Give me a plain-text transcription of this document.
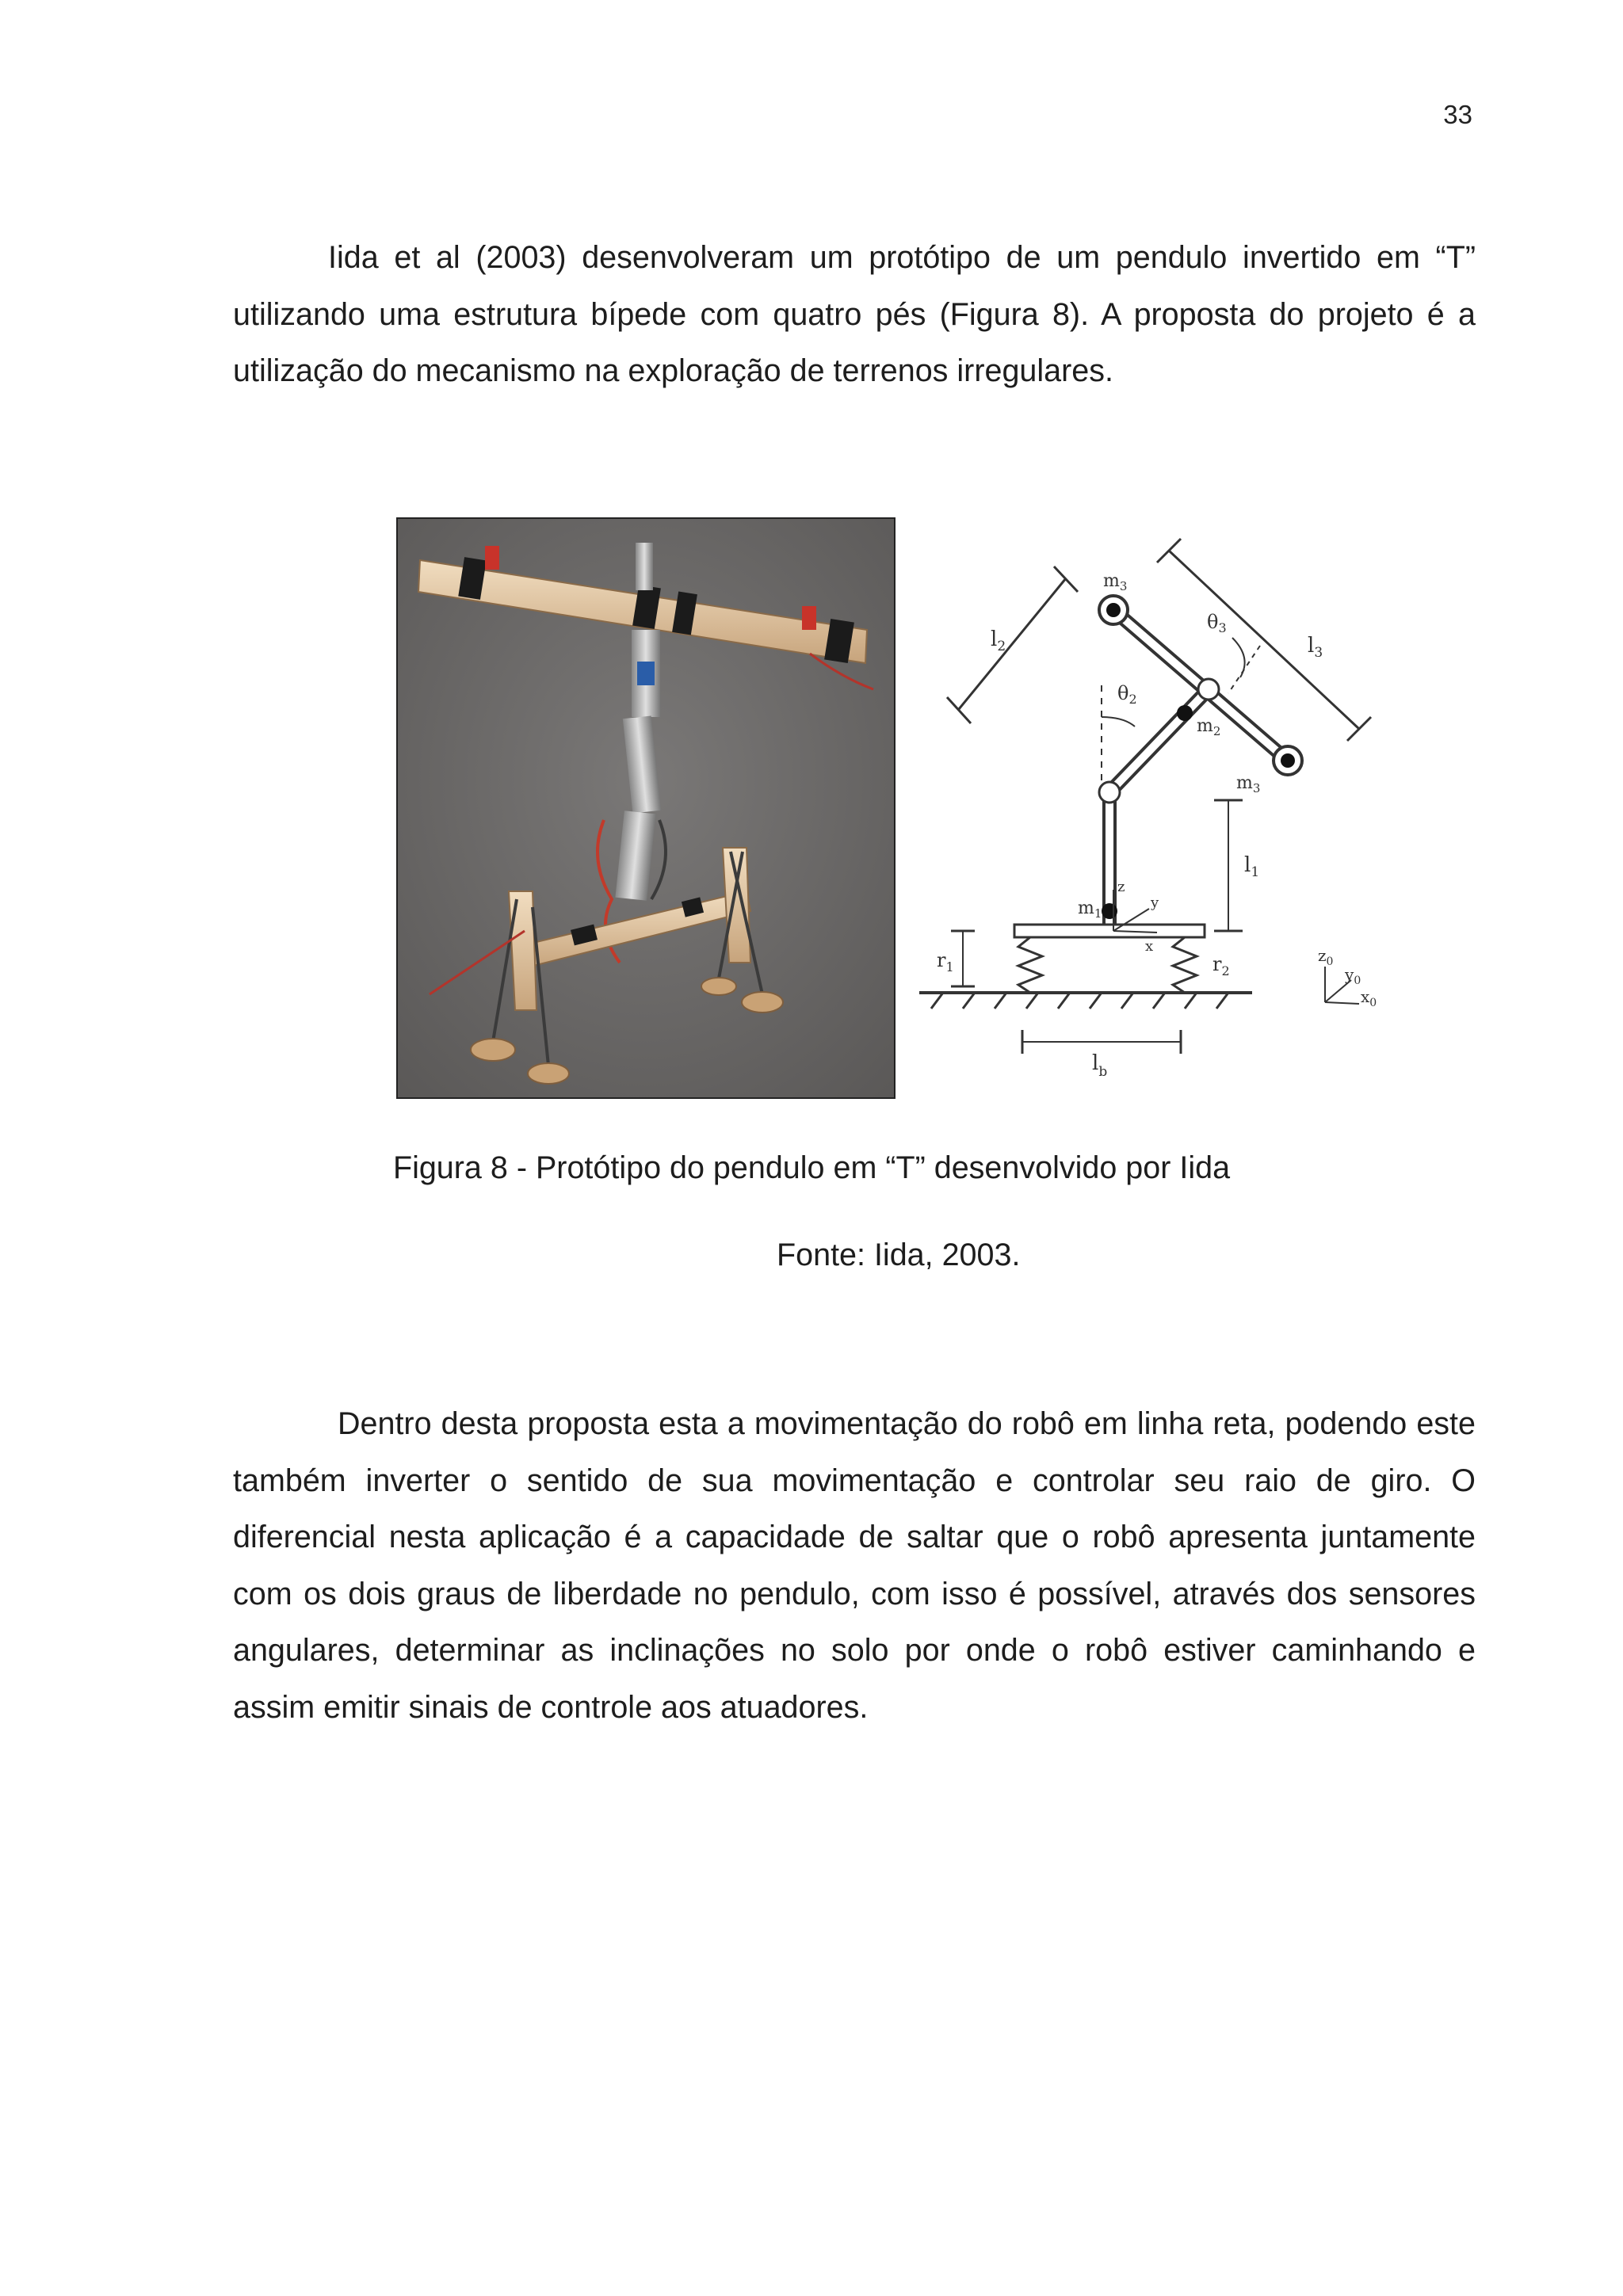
33

Iida et al (2003) desenvolveram um protótipo de um pendulo invertido em “T” utilizando uma estrutura bípede com quatro pés (Figura 8). A proposta do projeto é a utilização do mecanismo na exploração de terrenos irregulares.

$m_3$
$m_3$
$m_2$
$m_1$
$\theta_2$
$\theta_3$
$l_1$
$l_2$	$l_3$
$l_b$
$r_1$	$r_2$
z
y
x	$z_0$
$y_0$
$x_0$
Figura 8 - Protótipo do pendulo em “T” desenvolvido por Iida
Fonte: Iida, 2003.

Dentro desta proposta esta a movimentação do robô em linha reta, podendo este também inverter o sentido de sua movimentação e controlar seu raio de giro. O diferencial nesta aplicação é a capacidade de saltar que o robô apresenta juntamente com os dois graus de liberdade no pendulo, com isso é possível, através dos sensores angulares, determinar as inclinações no solo por onde o robô estiver caminhando e assim emitir sinais de controle aos atuadores.
